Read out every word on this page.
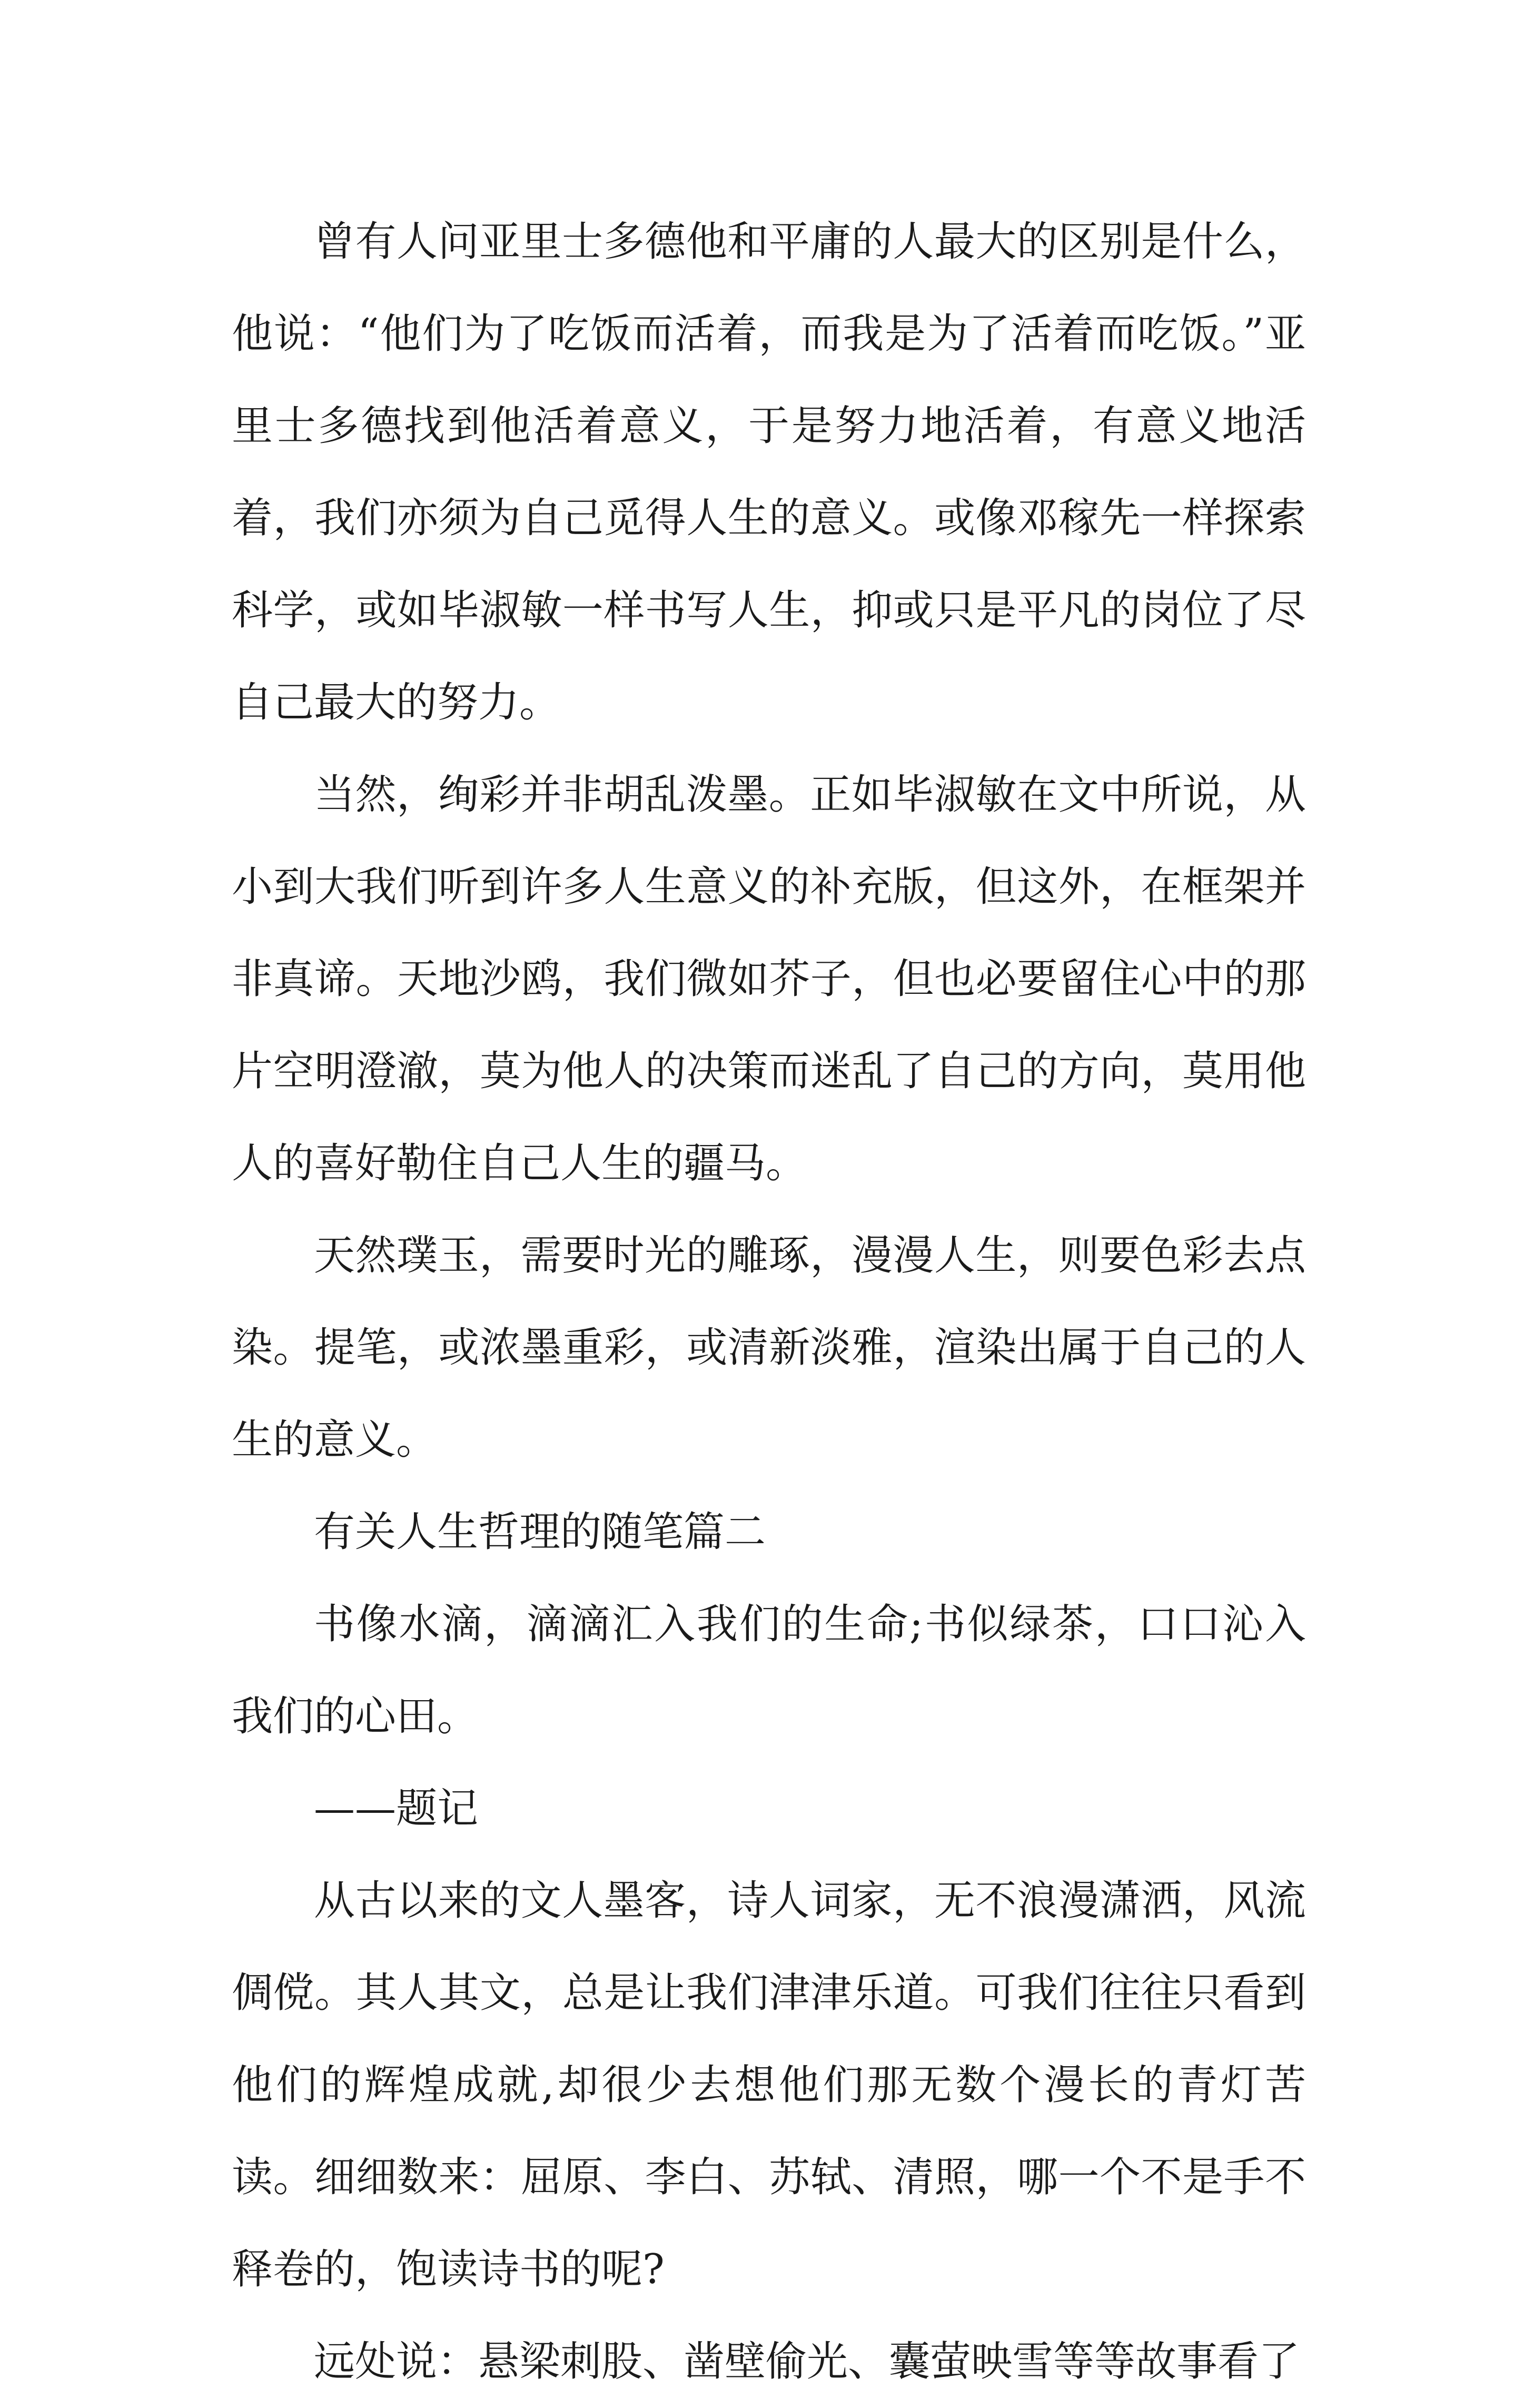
曾有人问亚里士多德他和平庸的人最大的区别是什么，他说：“他们为了吃饭而活着，而我是为了活着而吃饭。”亚里士多德找到他活着意义，于是努力地活着，有意义地活着，我们亦须为自己觅得人生的意义。或像邓稼先一样探索科学，或如毕淑敏一样书写人生，抑或只是平凡的岗位了尽自己最大的努力。

当然，绚彩并非胡乱泼墨。正如毕淑敏在文中所说，从小到大我们听到许多人生意义的补充版，但这外，在框架并非真谛。天地沙鸥，我们微如芥子，但也必要留住心中的那片空明澄澈，莫为他人的决策而迷乱了自己的方向，莫用他人的喜好勒住自己人生的疆马。

天然璞玉，需要时光的雕琢，漫漫人生，则要色彩去点染。提笔，或浓墨重彩，或清新淡雅，渲染出属于自己的人生的意义。

有关人生哲理的随笔篇二

书像水滴，滴滴汇入我们的生命;书似绿茶，口口沁入我们的心田。

——题记

从古以来的文人墨客，诗人词家，无不浪漫潇洒，风流倜傥。其人其文，总是让我们津津乐道。可我们往往只看到他们的辉煌成就,却很少去想他们那无数个漫长的青灯苦读。细细数来：屈原、李白、苏轼、清照，哪一个不是手不释卷的，饱读诗书的呢?

远处说：悬梁刺股、凿壁偷光、囊萤映雪等等故事看了
